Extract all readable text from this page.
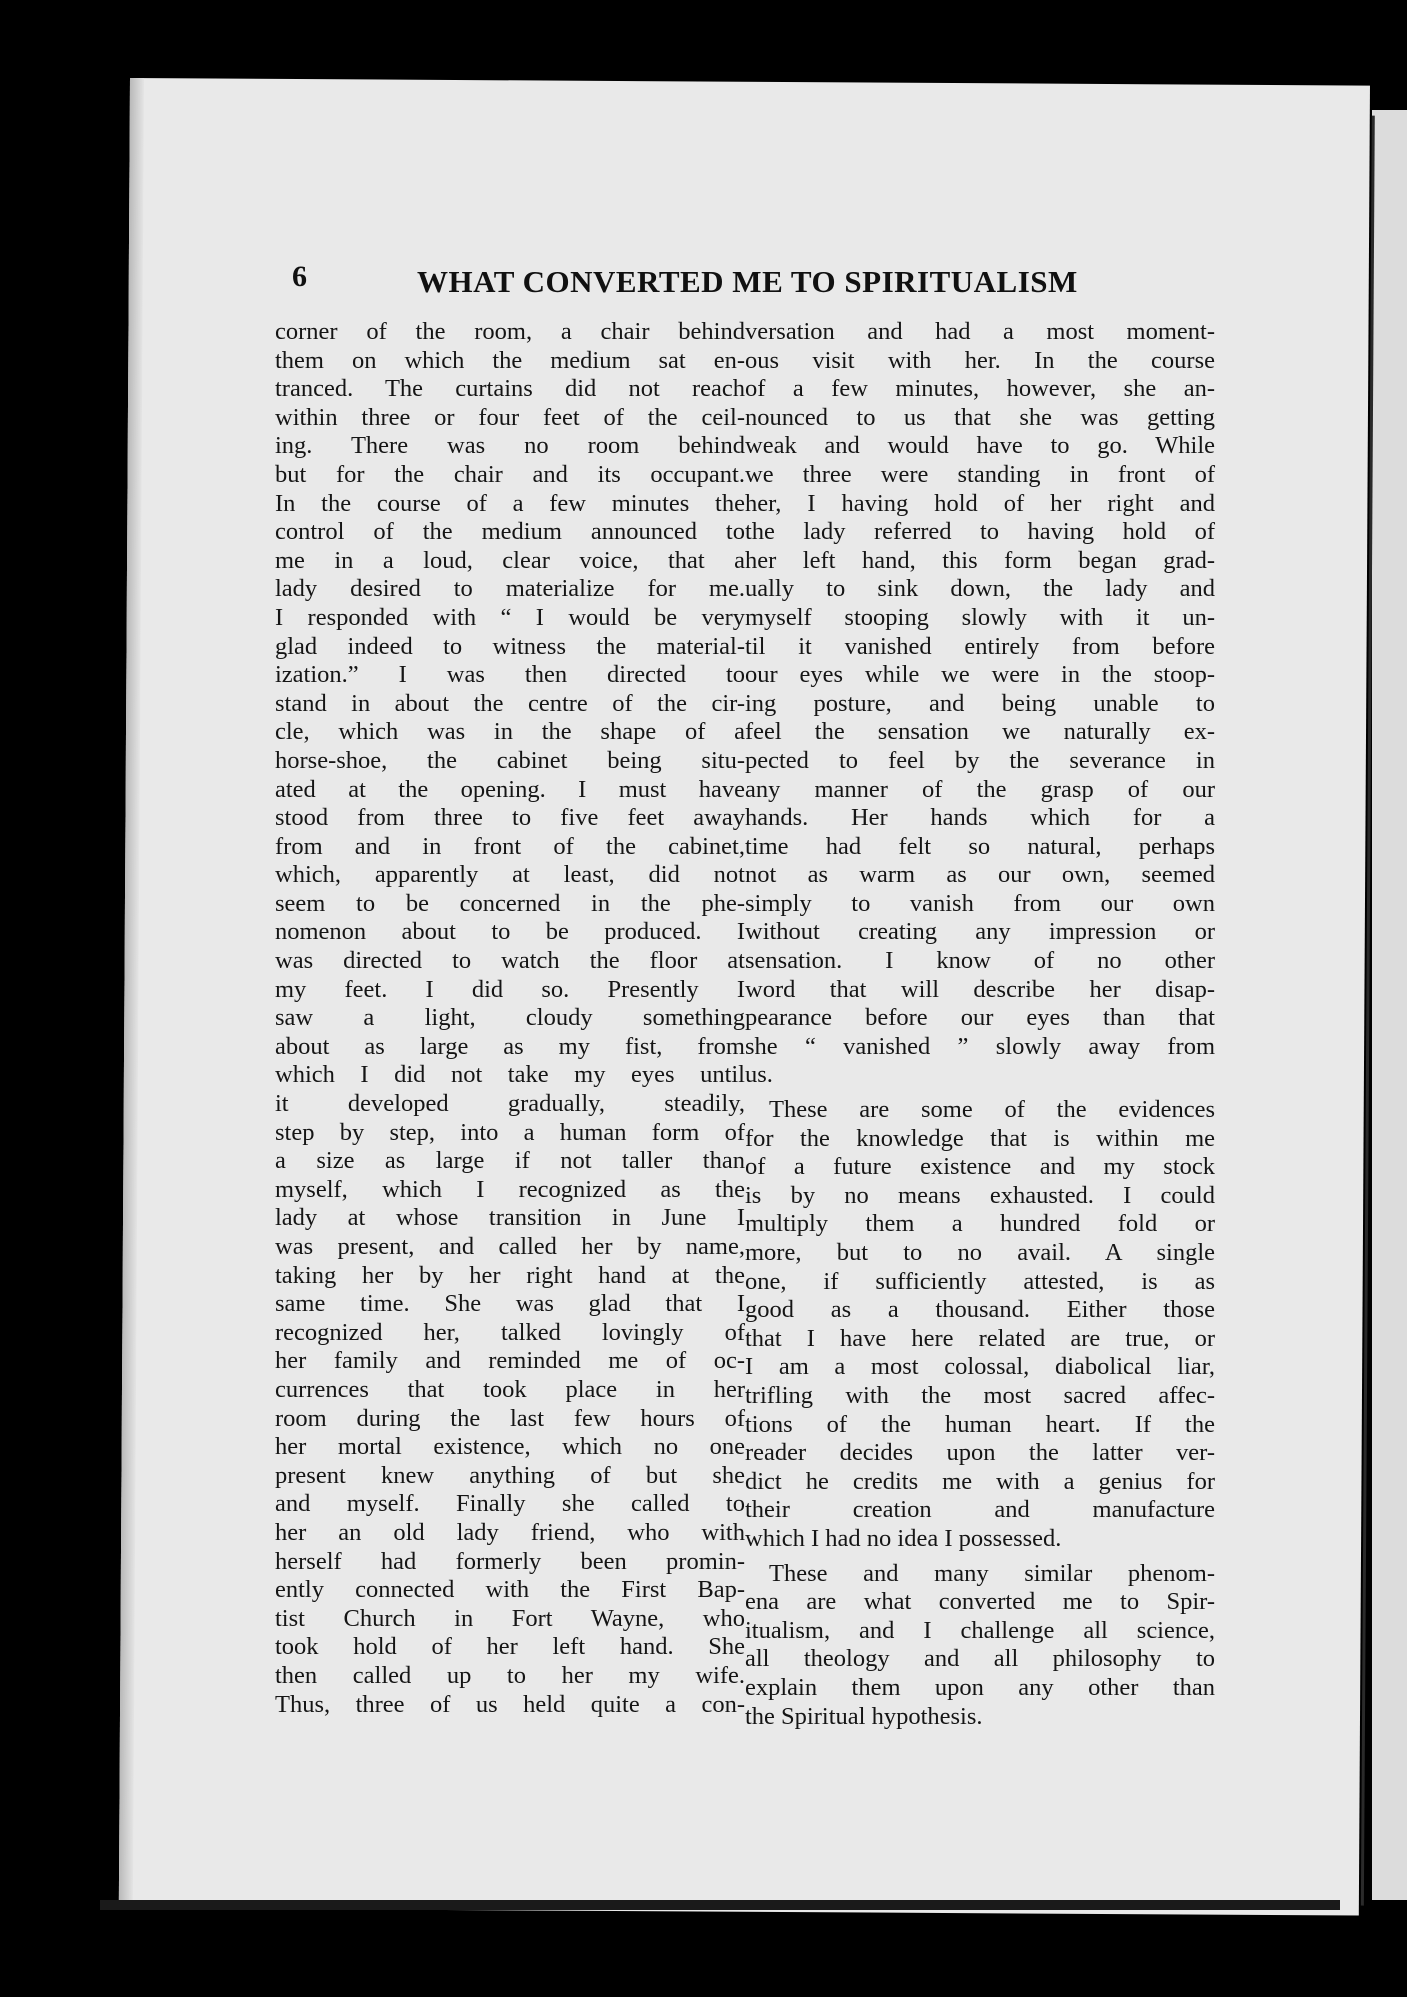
6	WHAT CONVERTED ME TO SPIRITUALISM
corner of the room, a chair behind
them on which the medium sat en-
tranced. The curtains did not reach
within three or four feet of the ceil-
ing. There was no room behind
but for the chair and its occupant.
In the course of a few minutes the
control of the medium announced to
me in a loud, clear voice, that a
lady desired to materialize for me.
I responded with “ I would be very
glad indeed to witness the material-
ization.” I was then directed to
stand in about the centre of the cir-
cle, which was in the shape of a
horse-shoe, the cabinet being situ-
ated at the opening. I must have
stood from three to five feet away
from and in front of the cabinet,
which, apparently at least, did not
seem to be concerned in the phe-
nomenon about to be produced. I
was directed to watch the floor at
my feet. I did so. Presently I
saw a light, cloudy something
about as large as my fist, from
which I did not take my eyes until
it developed gradually, steadily,
step by step, into a human form of
a size as large if not taller than
myself, which I recognized as the
lady at whose transition in June I
was present, and called her by name,
taking her by her right hand at the
same time. She was glad that I
recognized her, talked lovingly of
her family and reminded me of oc-
currences that took place in her
room during the last few hours of
her mortal existence, which no one
present knew anything of but she
and myself. Finally she called to
her an old lady friend, who with
herself had formerly been promin-
ently connected with the First Bap-
tist Church in Fort Wayne, who
took hold of her left hand. She
then called up to her my wife.
Thus, three of us held quite a con-
versation and had a most moment-
ous visit with her. In the course
of a few minutes, however, she an-
nounced to us that she was getting
weak and would have to go. While
we three were standing in front of
her, I having hold of her right and
the lady referred to having hold of
her left hand, this form began grad-
ually to sink down, the lady and
myself stooping slowly with it un-
til it vanished entirely from before
our eyes while we were in the stoop-
ing posture, and being unable to
feel the sensation we naturally ex-
pected to feel by the severance in
any manner of the grasp of our
hands. Her hands which for a
time had felt so natural, perhaps
not as warm as our own, seemed
simply to vanish from our own
without creating any impression or
sensation. I know of no other
word that will describe her disap-
pearance before our eyes than that
she “ vanished ” slowly away from
us.
These are some of the evidences
for the knowledge that is within me
of a future existence and my stock
is by no means exhausted. I could
multiply them a hundred fold or
more, but to no avail. A single
one, if sufficiently attested, is as
good as a thousand. Either those
that I have here related are true, or
I am a most colossal, diabolical liar,
trifling with the most sacred affec-
tions of the human heart. If the
reader decides upon the latter ver-
dict he credits me with a genius for
their creation and manufacture
which I had no idea I possessed.
These and many similar phenom-
ena are what converted me to Spir-
itualism, and I challenge all science,
all theology and all philosophy to
explain them upon any other than
the Spiritual hypothesis.
